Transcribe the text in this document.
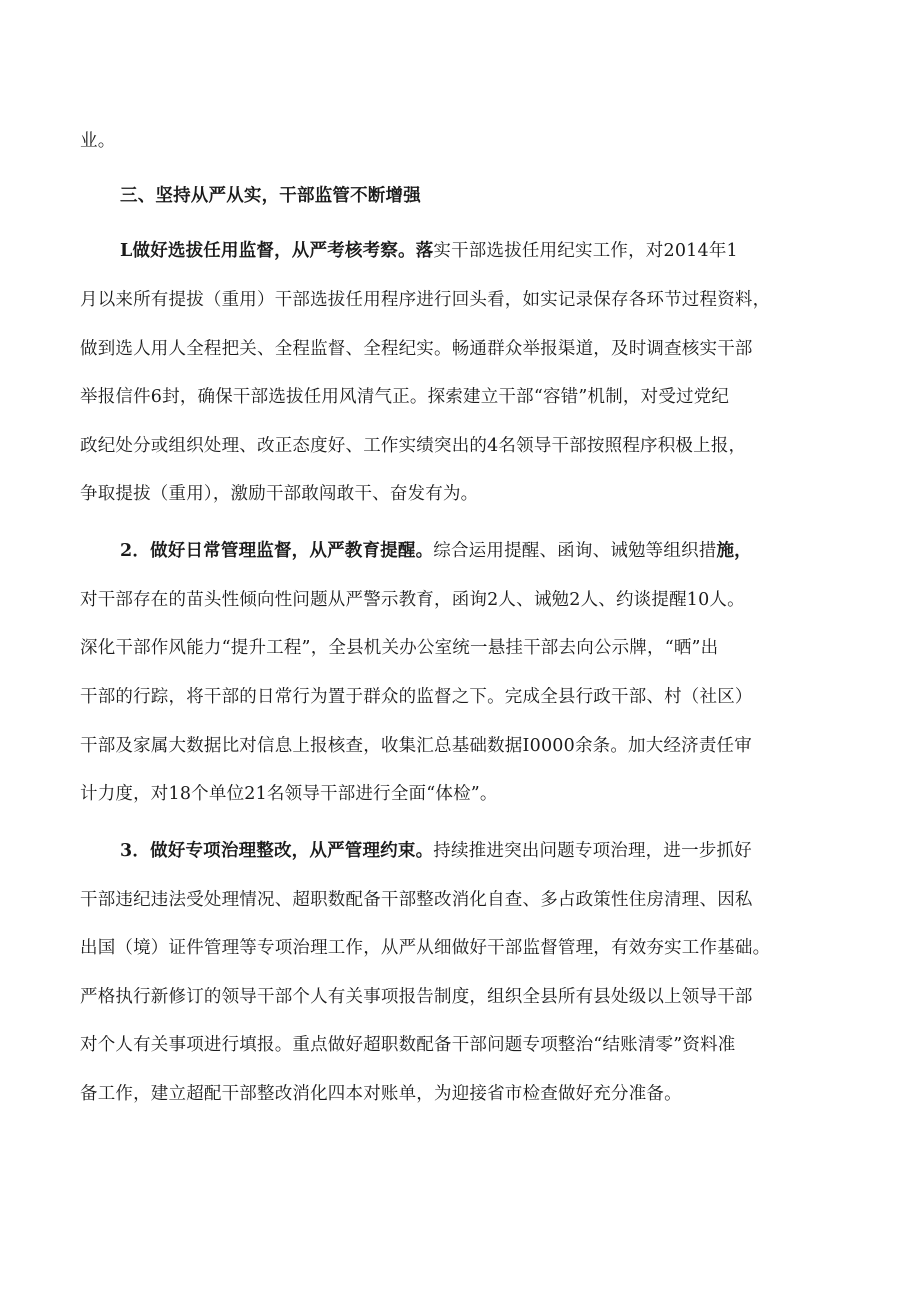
业。
三、坚持从严从实，干部监管不断增强
L做好选拔任用监督，从严考核考察。落实干部选拔任用纪实工作，对2014年1
月以来所有提拔（重用）干部选拔任用程序进行回头看，如实记录保存各环节过程资料，
做到选人用人全程把关、全程监督、全程纪实。畅通群众举报渠道，及时调查核实干部
举报信件6封，确保干部选拔任用风清气正。探索建立干部“容错”机制，对受过党纪
政纪处分或组织处理、改正态度好、工作实绩突出的4名领导干部按照程序积极上报，
争取提拔（重用），激励干部敢闯敢干、奋发有为。
2．做好日常管理监督，从严教育提醒。综合运用提醒、函询、诫勉等组织措施，
对干部存在的苗头性倾向性问题从严警示教育，函询2人、诫勉2人、约谈提醒10人。
深化干部作风能力“提升工程”，全县机关办公室统一悬挂干部去向公示牌，“晒”出
干部的行踪，将干部的日常行为置于群众的监督之下。完成全县行政干部、村（社区）
干部及家属大数据比对信息上报核查，收集汇总基础数据I0000余条。加大经济责任审
计力度，对18个单位21名领导干部进行全面“体检”。
3．做好专项治理整改，从严管理约束。持续推进突出问题专项治理，进一步抓好
干部违纪违法受处理情况、超职数配备干部整改消化自查、多占政策性住房清理、因私
出国（境）证件管理等专项治理工作，从严从细做好干部监督管理，有效夯实工作基础。
严格执行新修订的领导干部个人有关事项报告制度，组织全县所有县处级以上领导干部
对个人有关事项进行填报。重点做好超职数配备干部问题专项整治“结账清零”资料准
备工作，建立超配干部整改消化四本对账单，为迎接省市检查做好充分准备。
